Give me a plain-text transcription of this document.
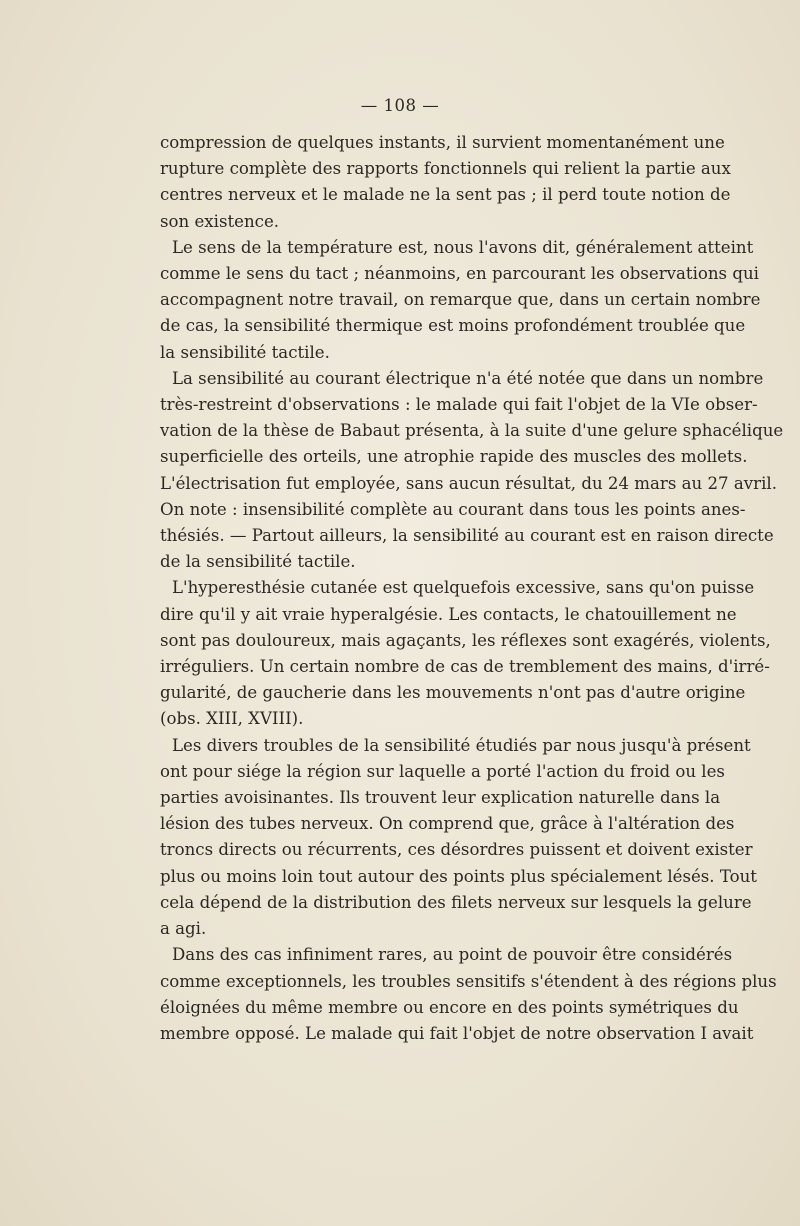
— 108 —

compression de quelques instants, il survient momentanément une
rupture complète des rapports fonctionnels qui relient la partie aux
centres nerveux et le malade ne la sent pas ; il perd toute notion de
son existence.

Le sens de la température est, nous l'avons dit, généralement atteint
comme le sens du tact ; néanmoins, en parcourant les observations qui
accompagnent notre travail, on remarque que, dans un certain nombre
de cas, la sensibilité thermique est moins profondément troublée que
la sensibilité tactile.

La sensibilité au courant électrique n'a été notée que dans un nombre
très-restreint d'observations : le malade qui fait l'objet de la VIe obser-
vation de la thèse de Babaut présenta, à la suite d'une gelure sphacélique
superficielle des orteils, une atrophie rapide des muscles des mollets.
L'électrisation fut employée, sans aucun résultat, du 24 mars au 27 avril.
On note : insensibilité complète au courant dans tous les points anes-
thésiés. — Partout ailleurs, la sensibilité au courant est en raison directe
de la sensibilité tactile.

L'hyperesthésie cutanée est quelquefois excessive, sans qu'on puisse
dire qu'il y ait vraie hyperalgésie. Les contacts, le chatouillement ne
sont pas douloureux, mais agaçants, les réflexes sont exagérés, violents,
irréguliers. Un certain nombre de cas de tremblement des mains, d'irré-
gularité, de gaucherie dans les mouvements n'ont pas d'autre origine
(obs. XIII, XVIII).

Les divers troubles de la sensibilité étudiés par nous jusqu'à présent
ont pour siége la région sur laquelle a porté l'action du froid ou les
parties avoisinantes. Ils trouvent leur explication naturelle dans la
lésion des tubes nerveux. On comprend que, grâce à l'altération des
troncs directs ou récurrents, ces désordres puissent et doivent exister
plus ou moins loin tout autour des points plus spécialement lésés. Tout
cela dépend de la distribution des filets nerveux sur lesquels la gelure
a agi.

Dans des cas infiniment rares, au point de pouvoir être considérés
comme exceptionnels, les troubles sensitifs s'étendent à des régions plus
éloignées du même membre ou encore en des points symétriques du
membre opposé. Le malade qui fait l'objet de notre observation I avait
